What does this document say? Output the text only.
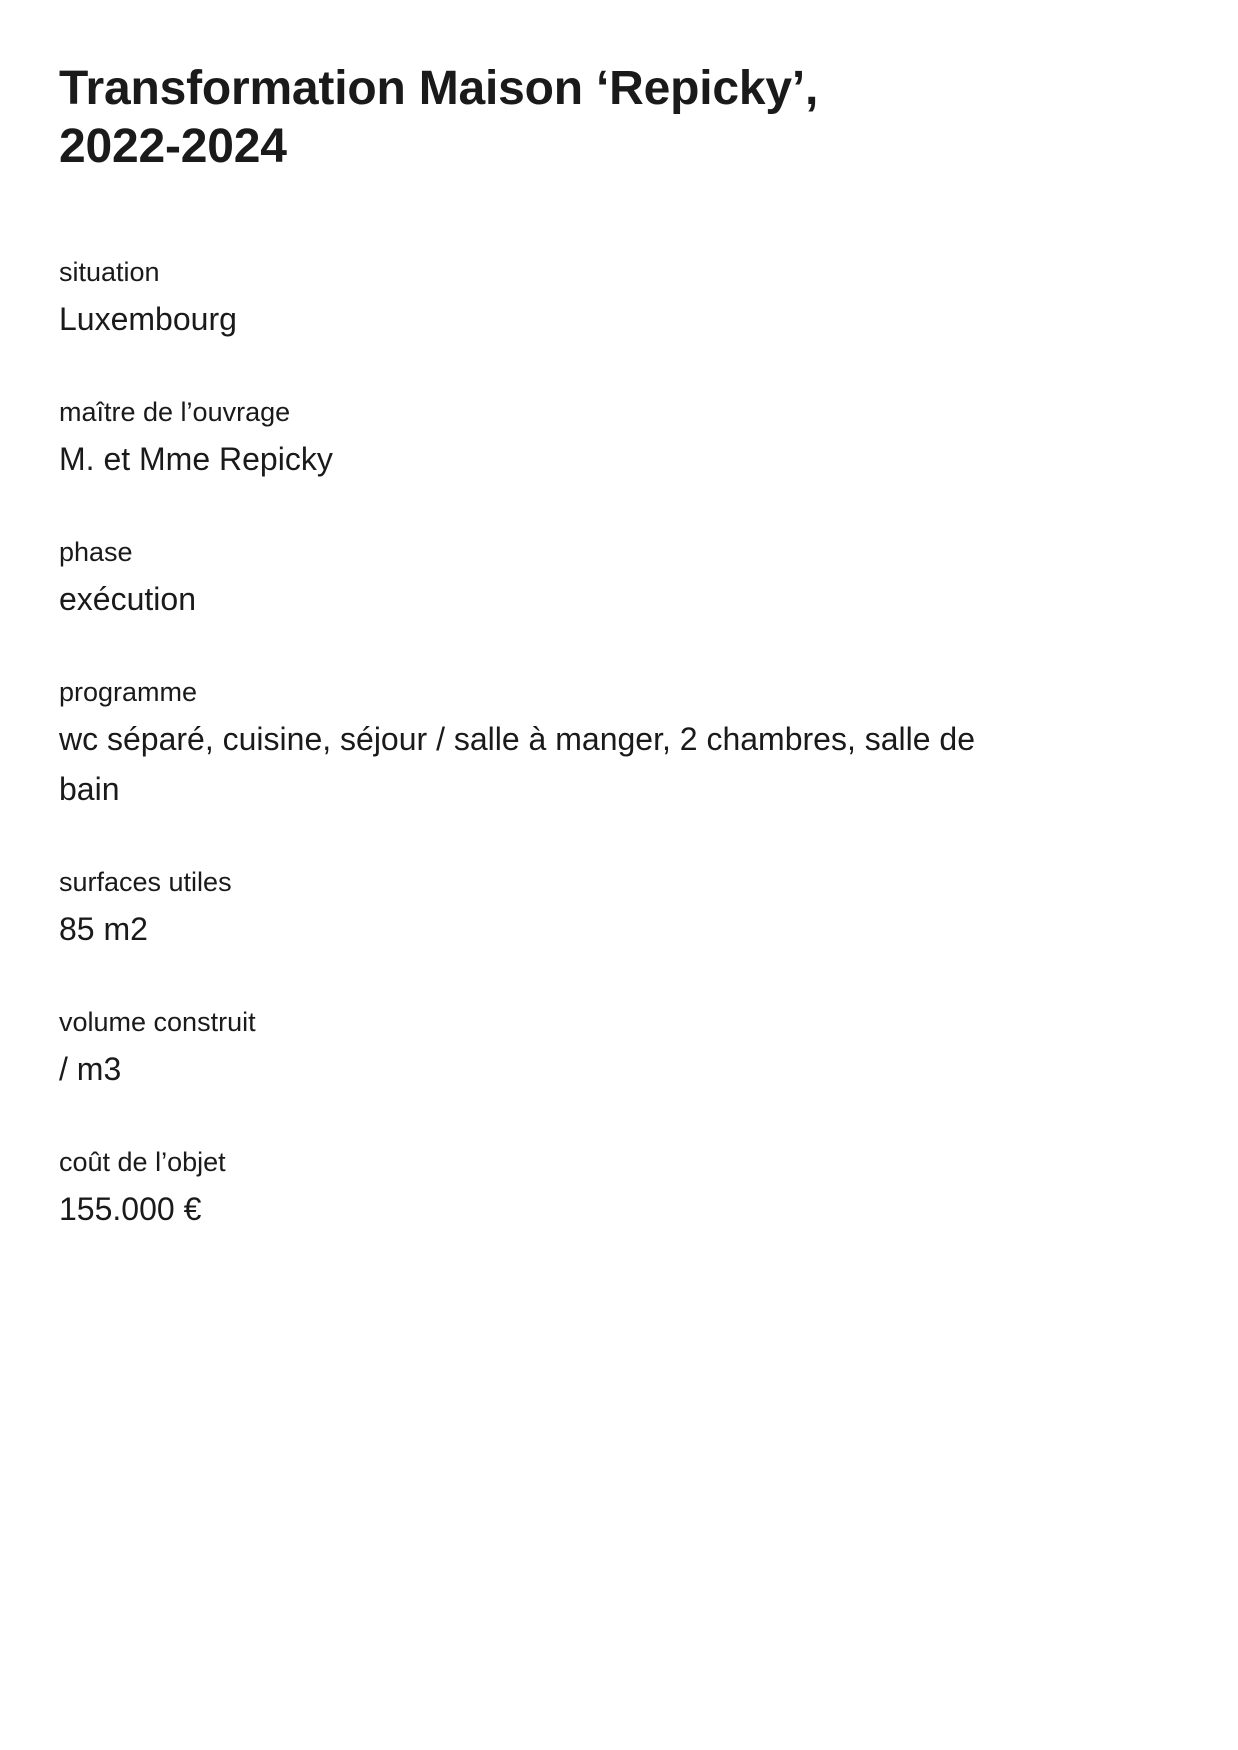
Transformation Maison ‘Repicky’,
2022-2024
situation
Luxembourg
maître de l’ouvrage
M. et Mme Repicky
phase
exécution
programme
wc séparé, cuisine, séjour / salle à manger, 2 chambres, salle de bain
surfaces utiles
85 m2
volume construit
/ m3
coût de l’objet
155.000 €
